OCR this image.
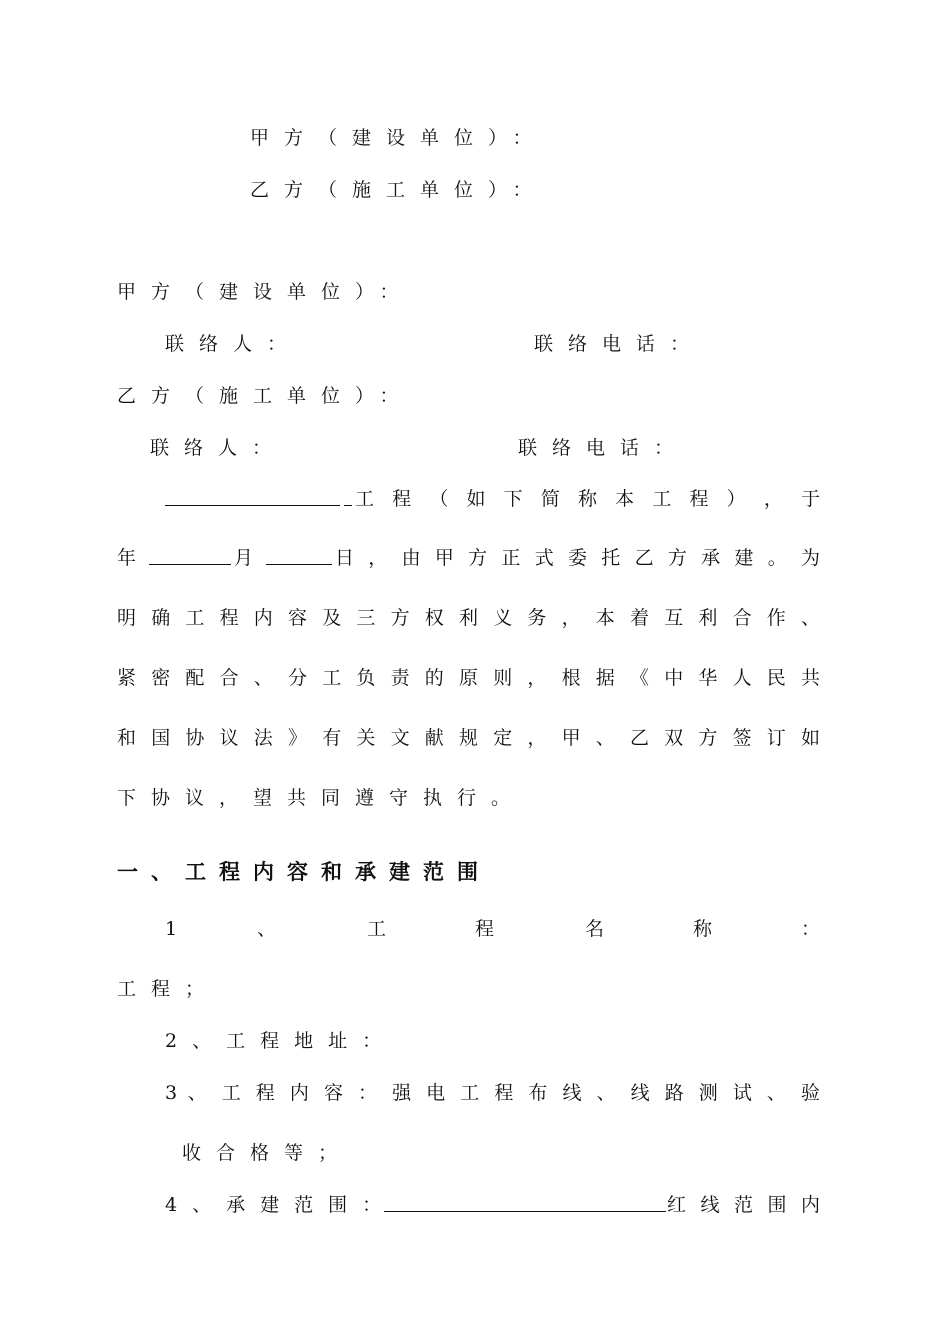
甲方（建设单位）：
乙方（施工单位）：
甲方（建设单位）：
联络人：	联络电话：
乙方（施工单位）：
联络人：	联络电话：
工 程 （ 如 下 简 称 本 工 程 ） ， 于
年	月	日 ， 由 甲 方 正 式 委 托 乙 方 承 建 。 为
明 确 工 程 内 容 及 三 方 权 利 义 务 ， 本 着 互 利 合 作 、
紧 密 配 合 、 分 工 负 责 的 原 则 ， 根 据 《 中 华 人 民 共
和 国 协 议 法 》 有 关 文 献 规 定 ， 甲 、 乙 双 方 签 订 如
下协议，望共同遵守执行。
一、工程内容和承建范围
1	、	工	程	名	称	：
工程；
2、工程地址：
3 、 工 程 内 容 ： 强 电 工 程 布 线 、 线 路 测 试 、 验
收合格等；
4、承建范围：	红 线 范 围 内
